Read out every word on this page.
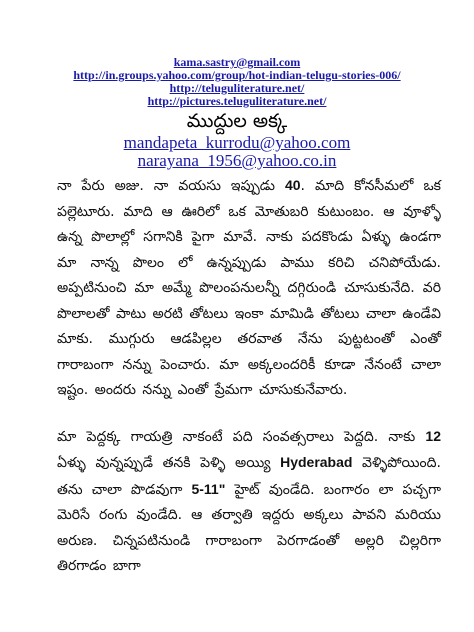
kama.sastry@gmail.com
http://in.groups.yahoo.com/group/hot-indian-telugu-stories-006/
http://teluguliterature.net/
http://pictures.teluguliterature.net/
ముద్దుల అక్క
mandapeta_kurrodu@yahoo.com
narayana_1956@yahoo.co.in

నా పేరు అజు. నా వయసు ఇప్పుడు 40. మాది కోనసీమలో ఒక పల్లెటూరు. మాది ఆ ఊరిలో ఒక మోతుబరి కుటుంబం. ఆ వూళ్ళో ఉన్న పొలాల్లో సగానికి పైగా మావే. నాకు పదకొండు ఏళ్ళు ఉండగా మా నాన్న పొలం లో ఉన్నప్పుడు పాము కరిచి చనిపోయేడు. అప్పటినుంచి మా అమ్మే పొలంపనులన్నీ దగ్గిరుండి చూసుకునేది. వరి పొలాలతో పాటు అరటి తోటలు ఇంకా మామిడి తోటలు చాలా ఉండేవి మాకు. ముగ్గురు ఆడపిల్లల తరవాత నేను పుట్టటంతో ఎంతో గారాబంగా నన్ను పెంచారు. మా అక్కలందరికీ కూడా నేనంటే చాలా ఇష్టం. అందరు నన్ను ఎంతో ప్రేమగా చూసుకునేవారు.

మా పెద్దక్క గాయత్రి నాకంటే పది సంవత్సరాలు పెద్దది. నాకు 12 ఏళ్ళు వున్నప్పుడే తనకి పెళ్ళి అయ్యి Hyderabad వెళ్ళిపోయింది. తను చాలా పొడవుగా 5-11" హైట్ వుండేది. బంగారం లా పచ్చగా మెరిసే రంగు వుండేది. ఆ తర్వాతి ఇద్దరు అక్కలు పావని మరియు అరుణ. చిన్నపటినుండి గారాబంగా పెరగాడంతో అల్లరి చిల్లరిగా తిరగాడం బాగా
